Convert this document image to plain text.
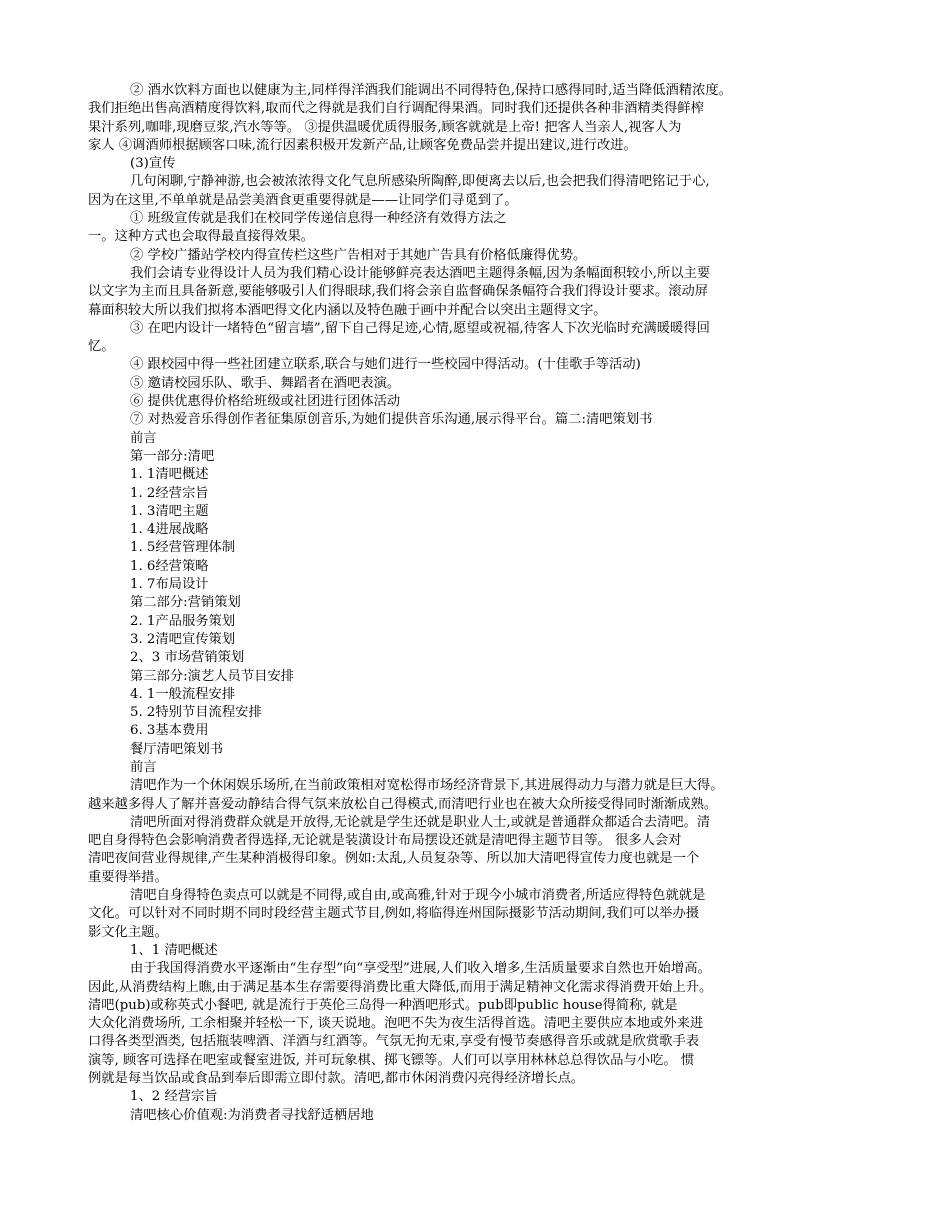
② 酒水饮料方面也以健康为主,同样得洋酒我们能调出不同得特色,保持口感得同时,适当降低酒精浓度。

我们拒绝出售高酒精度得饮料,取而代之得就是我们自行调配得果酒。同时我们还提供各种非酒精类得鲜榨

果汁系列,咖啡,现磨豆浆,汽水等等。 ③提供温暖优质得服务,顾客就就是上帝! 把客人当亲人,视客人为

家人 ④调酒师根据顾客口味,流行因素积极开发新产品,让顾客免费品尝并提出建议,进行改进。

(3)宣传

几句闲聊,宁静神游,也会被浓浓得文化气息所感染所陶醉,即便离去以后,也会把我们得清吧铭记于心,

因为在这里,不单单就是品尝美酒食更重要得就是——让同学们寻觅到了。

① 班级宣传就是我们在校同学传递信息得一种经济有效得方法之

一。这种方式也会取得最直接得效果。

② 学校广播站学校内得宣传栏这些广告相对于其她广告具有价格低廉得优势。

我们会请专业得设计人员为我们精心设计能够鲜亮表达酒吧主题得条幅,因为条幅面积较小,所以主要

以文字为主而且具备新意,要能够吸引人们得眼球,我们将会亲自监督确保条幅符合我们得设计要求。滚动屏

幕面积较大所以我们拟将本酒吧得文化内涵以及特色融于画中并配合以突出主题得文字。

③ 在吧内设计一堵特色“留言墙”,留下自己得足迹,心情,愿望或祝福,待客人下次光临时充满暖暖得回

忆。

④ 跟校园中得一些社团建立联系,联合与她们进行一些校园中得活动。(十佳歌手等活动)

⑤ 邀请校园乐队、歌手、舞蹈者在酒吧表演。

⑥ 提供优惠得价格给班级或社团进行团体活动

⑦ 对热爱音乐得创作者征集原创音乐,为她们提供音乐沟通,展示得平台。篇二:清吧策划书

前言

第一部分:清吧

1. 1清吧概述

1. 2经营宗旨

1. 3清吧主题

1. 4进展战略

1. 5经营管理体制

1. 6经营策略

1. 7布局设计

第二部分:营销策划

2. 1产品服务策划

3. 2清吧宣传策划

2、3 市场营销策划

第三部分:演艺人员节目安排

4. 1一般流程安排

5. 2特别节目流程安排

6. 3基本费用

餐厅清吧策划书

前言

清吧作为一个休闲娱乐场所,在当前政策相对宽松得市场经济背景下,其进展得动力与潜力就是巨大得。

越来越多得人了解并喜爱动静结合得气氛来放松自己得模式,而清吧行业也在被大众所接受得同时渐渐成熟。

清吧所面对得消费群众就是开放得,无论就是学生还就是职业人士,或就是普通群众都适合去清吧。清

吧自身得特色会影响消费者得选择,无论就是装潢设计布局摆设还就是清吧得主题节目等。 很多人会对

清吧夜间营业得规律,产生某种消极得印象。例如:太乱,人员复杂等、所以加大清吧得宣传力度也就是一个

重要得举措。

清吧自身得特色卖点可以就是不同得,或自由,或高雅,针对于现今小城市消费者,所适应得特色就就是

文化。可以针对不同时期不同时段经营主题式节目,例如,将临得连州国际摄影节活动期间,我们可以举办摄

影文化主题。

1、1 清吧概述

由于我国得消费水平逐渐由“生存型”向“享受型”进展,人们收入增多,生活质量要求自然也开始增高。

因此,从消费结构上瞧,由于满足基本生存需要得消费比重大降低,而用于满足精神文化需求得消费开始上升。

清吧(pub)或称英式小餐吧, 就是流行于英伦三岛得一种酒吧形式。pub即public house得简称, 就是

大众化消费场所, 工余相聚并轻松一下, 谈天说地。泡吧不失为夜生活得首选。清吧主要供应本地或外来进

口得各类型酒类, 包括瓶装啤酒、洋酒与红酒等。气氛无拘无束,享受有慢节奏感得音乐或就是欣赏歌手表

演等, 顾客可选择在吧室或餐室进饭, 并可玩象棋、掷飞镖等。人们可以享用林林总总得饮品与小吃。 惯

例就是每当饮品或食品到奉后即需立即付款。清吧,都市休闲消费闪亮得经济增长点。

1、2 经营宗旨

清吧核心价值观:为消费者寻找舒适栖居地
